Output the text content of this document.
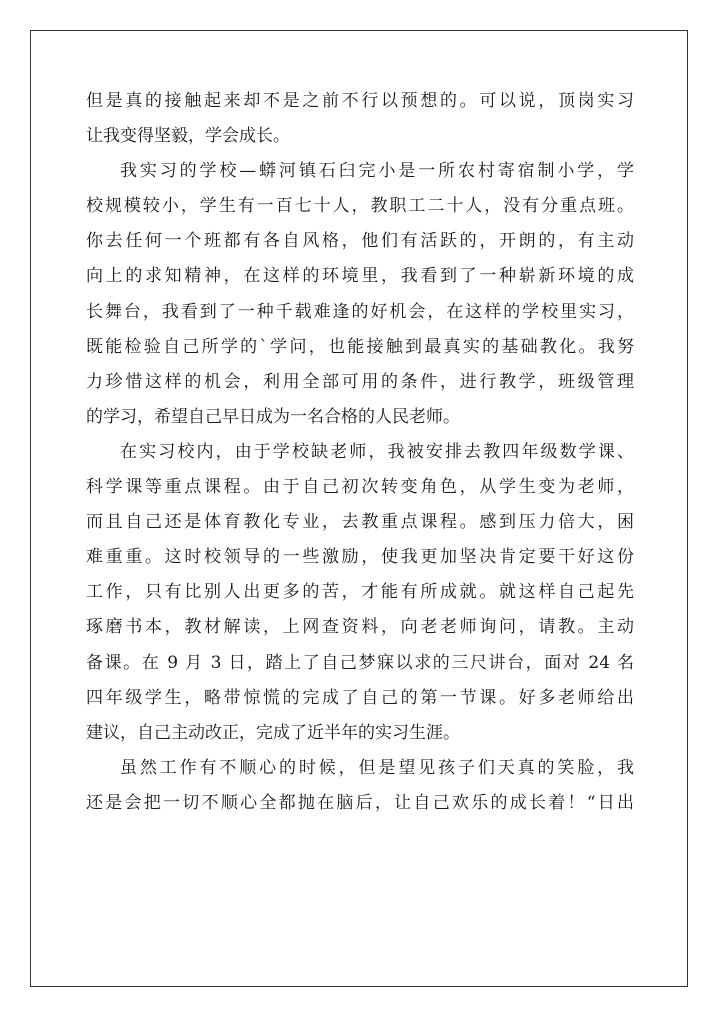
但是真的接触起来却不是之前不行以预想的。可以说，顶岗实习
让我变得坚毅，学会成长。
我实习的学校—蟒河镇石臼完小是一所农村寄宿制小学，学
校规模较小，学生有一百七十人，教职工二十人，没有分重点班。
你去任何一个班都有各自风格，他们有活跃的，开朗的，有主动
向上的求知精神，在这样的环境里，我看到了一种崭新环境的成
长舞台，我看到了一种千载难逢的好机会，在这样的学校里实习，
既能检验自己所学的`学问，也能接触到最真实的基础教化。我努
力珍惜这样的机会，利用全部可用的条件，进行教学，班级管理
的学习，希望自己早日成为一名合格的人民老师。
在实习校内，由于学校缺老师，我被安排去教四年级数学课、
科学课等重点课程。由于自己初次转变角色，从学生变为老师，
而且自己还是体育教化专业，去教重点课程。感到压力倍大，困
难重重。这时校领导的一些激励，使我更加坚决肯定要干好这份
工作，只有比别人出更多的苦，才能有所成就。就这样自己起先
琢磨书本，教材解读，上网查资料，向老老师询问，请教。主动
备课。在 9 月 3 日，踏上了自己梦寐以求的三尺讲台，面对 24 名
四年级学生，略带惊慌的完成了自己的第一节课。好多老师给出
建议，自己主动改正，完成了近半年的实习生涯。
虽然工作有不顺心的时候，但是望见孩子们天真的笑脸，我
还是会把一切不顺心全都抛在脑后，让自己欢乐的成长着！“日出
